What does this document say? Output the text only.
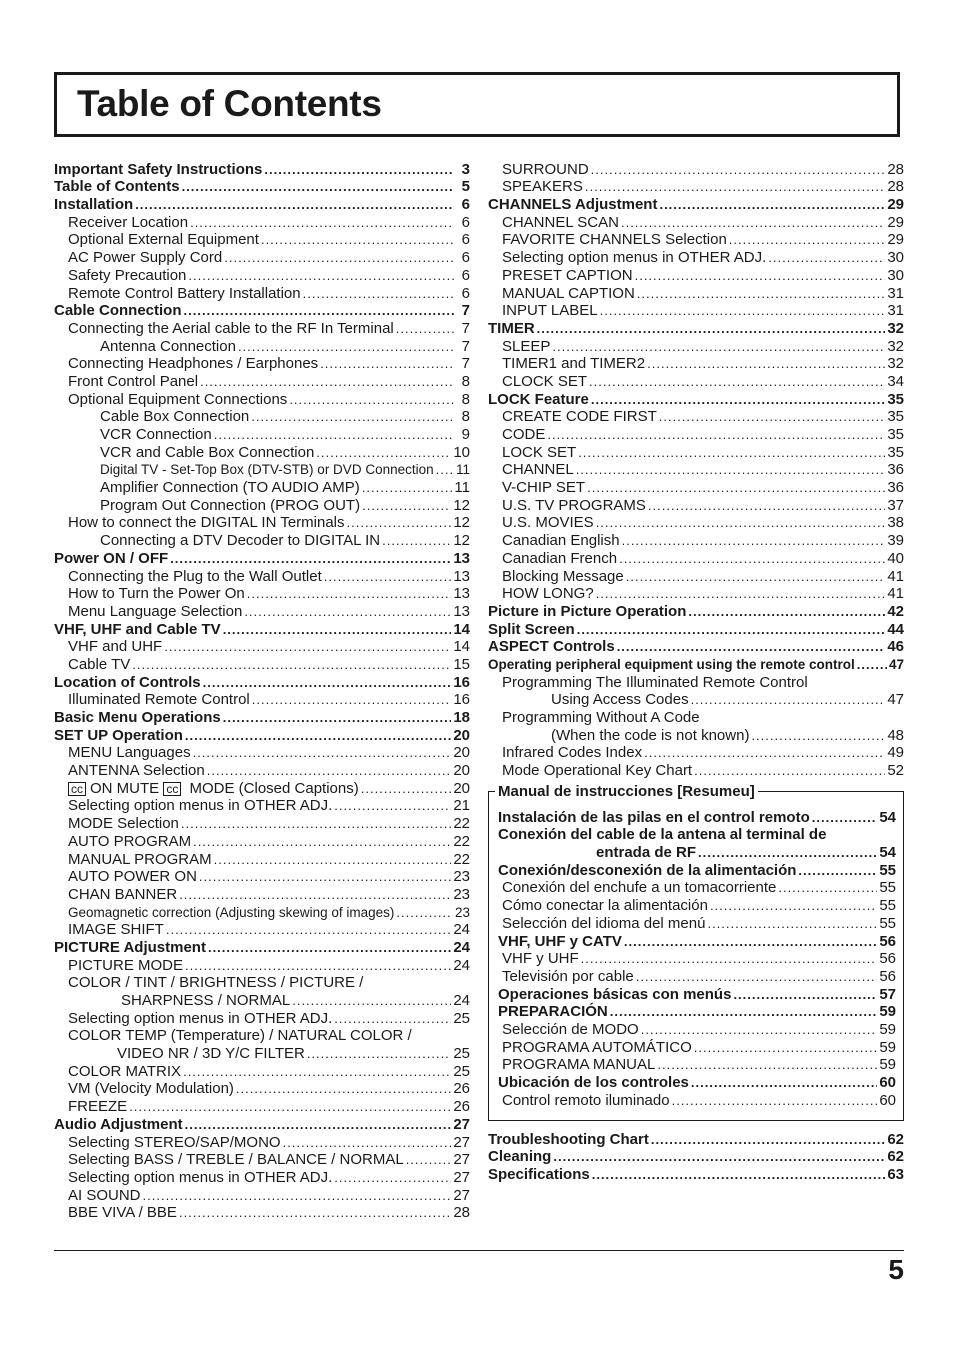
Table of Contents
Important Safety Instructions .....	3
Table of Contents .....	5
Installation .....	6
Receiver Location .....	6
Optional External Equipment .....	6
AC Power Supply Cord .....	6
Safety Precaution .....	6
Remote Control Battery Installation .....	6
Cable Connection .....	7
Connecting the Aerial cable to the RF In Terminal .....	7
Antenna Connection .....	7
Connecting Headphones / Earphones .....	7
Front Control Panel .....	8
Optional Equipment Connections .....	8
Cable Box Connection .....	8
VCR Connection .....	9
VCR and Cable Box Connection .....	10
Digital TV - Set-Top Box (DTV-STB) or DVD Connection ..... 11
Amplifier Connection (TO AUDIO AMP) .....	11
Program Out Connection (PROG OUT) .....	12
How to connect the DIGITAL IN Terminals .....	12
Connecting a DTV Decoder to DIGITAL IN .....	12
Power ON / OFF .....	13
Connecting the Plug to the Wall Outlet .....	13
How to Turn the Power On .....	13
Menu Language Selection .....	13
VHF, UHF and Cable TV .....	14
VHF and UHF .....	14
Cable TV .....	15
Location of Controls .....	16
Illuminated Remote Control .....	16
Basic Menu Operations .....	18
SET UP Operation .....	20
MENU Languages .....	20
ANTENNA Selection .....	20
cc ON MUTE cc MODE (Closed Captions) .....	20
Selecting option menus in OTHER ADJ. .....	21
MODE Selection .....	22
AUTO PROGRAM .....	22
MANUAL PROGRAM .....	22
AUTO POWER ON .....	23
CHAN BANNER .....	23
Geomagnetic correction (Adjusting skewing of images) .....	23
IMAGE SHIFT .....	24
PICTURE Adjustment .....	24
PICTURE MODE .....	24
COLOR / TINT / BRIGHTNESS / PICTURE /
SHARPNESS / NORMAL .....	24
Selecting option menus in OTHER ADJ. .....	25
COLOR TEMP (Temperature) / NATURAL COLOR /
VIDEO NR / 3D Y/C FILTER .....	25
COLOR MATRIX .....	25
VM (Velocity Modulation) .....	26
FREEZE .....	26
Audio Adjustment .....	27
Selecting STEREO/SAP/MONO .....	27
Selecting BASS / TREBLE / BALANCE / NORMAL .....	27
Selecting option menus in OTHER ADJ. .....	27
AI SOUND .....	27
BBE VIVA / BBE .....	28
SURROUND .....	28
SPEAKERS .....	28
CHANNELS Adjustment .....	29
CHANNEL SCAN .....	29
FAVORITE CHANNELS Selection .....	29
Selecting option menus in OTHER ADJ. .....	30
PRESET CAPTION .....	30
MANUAL CAPTION .....	31
INPUT LABEL .....	31
TIMER .....	32
SLEEP .....	32
TIMER1 and TIMER2 .....	32
CLOCK SET .....	34
LOCK Feature .....	35
CREATE CODE FIRST .....	35
CODE .....	35
LOCK SET .....	35
CHANNEL .....	36
V-CHIP SET .....	36
U.S. TV PROGRAMS .....	37
U.S. MOVIES .....	38
Canadian English .....	39
Canadian French .....	40
Blocking Message .....	41
HOW LONG? .....	41
Picture in Picture Operation .....	42
Split Screen .....	44
ASPECT Controls .....	46
Operating peripheral equipment using the remote control .....	47
Programming The Illuminated Remote Control
Using Access Codes .....	47
Programming Without A Code
(When the code is not known) .....	48
Infrared Codes Index .....	49
Mode Operational Key Chart .....	52
Manual de instrucciones [Resumeu]
Instalación de las pilas en el control remoto .....	54
Conexión del cable de la antena al terminal de
entrada de RF .....	54
Conexión/desconexión de la alimentación .....	55
Conexión del enchufe a un tomacorriente .....	55
Cómo conectar la alimentación .....	55
Selección del idioma del menú .....	55
VHF, UHF y CATV .....	56
VHF y UHF .....	56
Televisión por cable .....	56
Operaciones básicas con menús .....	57
PREPARACIÓN .....	59
Selección de MODO .....	59
PROGRAMA AUTOMÁTICO .....	59
PROGRAMA MANUAL .....	59
Ubicación de los controles .....	60
Control remoto iluminado .....	60
Troubleshooting Chart .....	62
Cleaning .....	62
Specifications .....	63
5
